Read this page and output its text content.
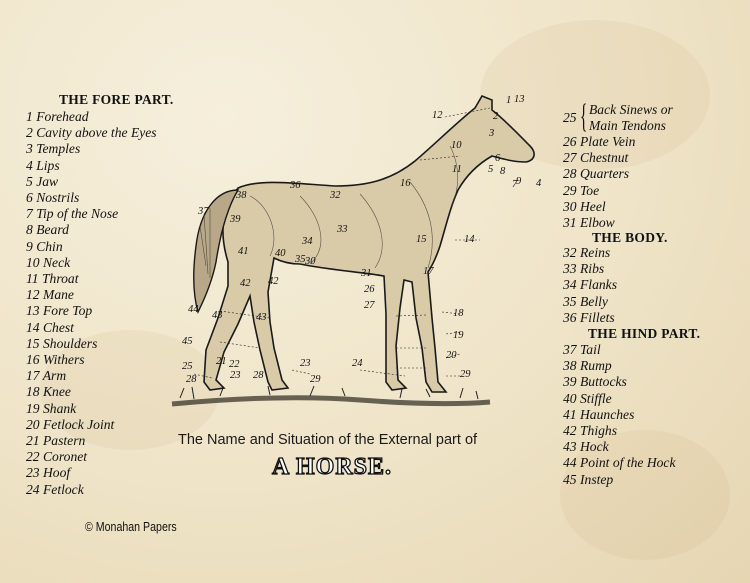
THE FORE PART.
1 Forehead
2 Cavity above the Eyes
3 Temples
4 Lips
5 Jaw
6 Nostrils
7 Tip of the Nose
8 Beard
9 Chin
10 Neck
11 Throat
12 Mane
13 Fore Top
14 Chest
15 Shoulders
16 Withers
17 Arm
18 Knee
19 Shank
20 Fetlock Joint
21 Pastern
22 Coronet
23 Hoof
24 Fetlock
25 { Back Sinews or
Main Tendons
26 Plate Vein
27 Chestnut
28 Quarters
29 Toe
30 Heel
31 Elbow
THE BODY.
32 Reins
33 Ribs
34 Flanks
35 Belly
36 Fillets
THE HIND PART.
37 Tail
38 Rump
39 Buttocks
40 Stiffle
41 Haunches
42 Thighs
43 Hock
44 Point of the Hock
45 Instep
1
2
3
4
5
6
7
8
9
10
11
12
13
14
15
16
17
18
19
20
21 22
23
23	24
25
26
27
28	28	29	29
30
31
32
33
34
35
36
37
38
39
40
41
42 42
43	43
44
45
The Name and Situation of the External part of
A HORSE.
© Monahan Papers
